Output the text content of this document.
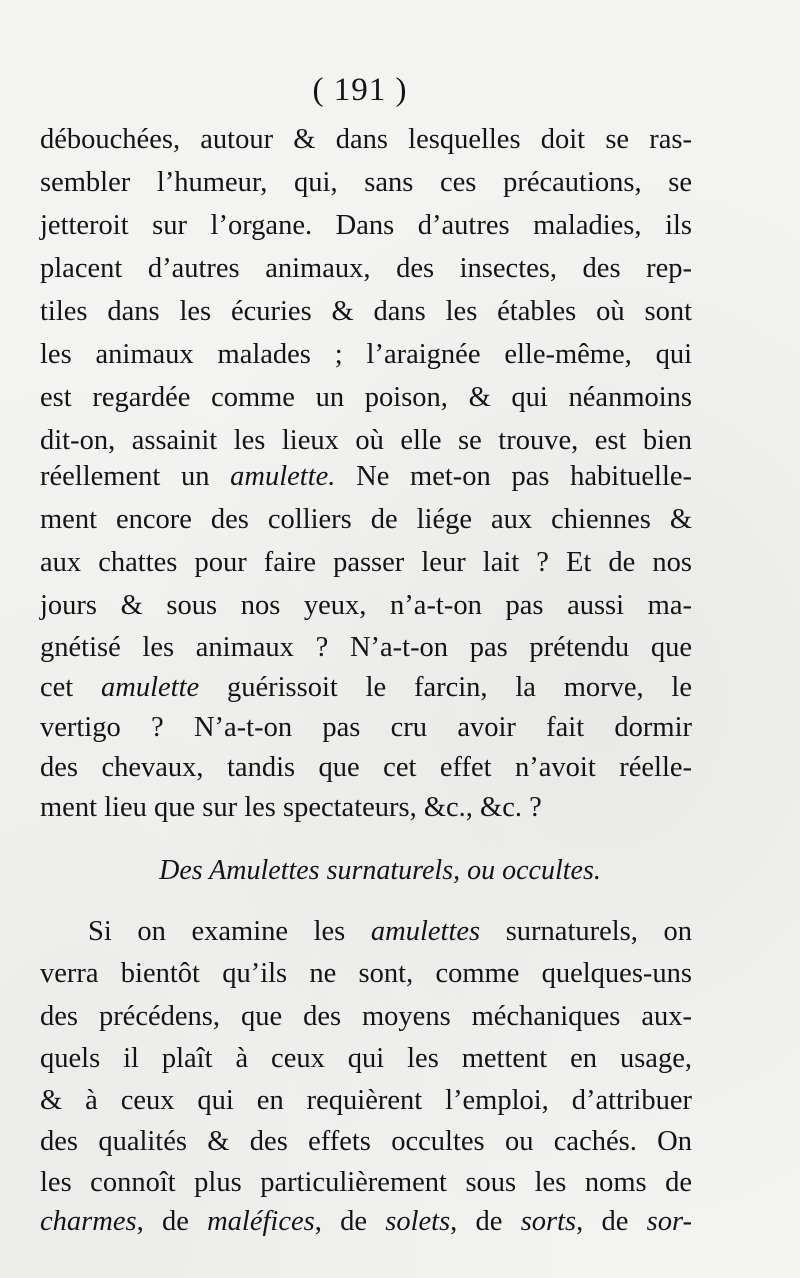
( 191 )

débouchées, autour & dans lesquelles doit se ras-

sembler l’humeur, qui, sans ces précautions, se

jetteroit sur l’organe. Dans d’autres maladies, ils

placent d’autres animaux, des insectes, des rep-

tiles dans les écuries & dans les étables où sont

les animaux malades ; l’araignée elle-même, qui

est regardée comme un poison, & qui néanmoins

dit-on, assainit les lieux où elle se trouve, est bien

réellement un amulette. Ne met-on pas habituelle-

ment encore des colliers de liége aux chiennes &

aux chattes pour faire passer leur lait ? Et de nos

jours & sous nos yeux, n’a-t-on pas aussi ma-

gnétisé les animaux ? N’a-t-on pas prétendu que

cet amulette guérissoit le farcin, la morve, le

vertigo ? N’a-t-on pas cru avoir fait dormir

des chevaux, tandis que cet effet n’avoit réelle-

ment lieu que sur les spectateurs, &c., &c. ?

Des Amulettes surnaturels, ou occultes.

Si on examine les amulettes surnaturels, on

verra bientôt qu’ils ne sont, comme quelques-uns

des précédens, que des moyens méchaniques aux-

quels il plaît à ceux qui les mettent en usage,

& à ceux qui en requièrent l’emploi, d’attribuer

des qualités & des effets occultes ou cachés. On

les connoît plus particulièrement sous les noms de

charmes, de maléfices, de solets, de sorts, de sor-
